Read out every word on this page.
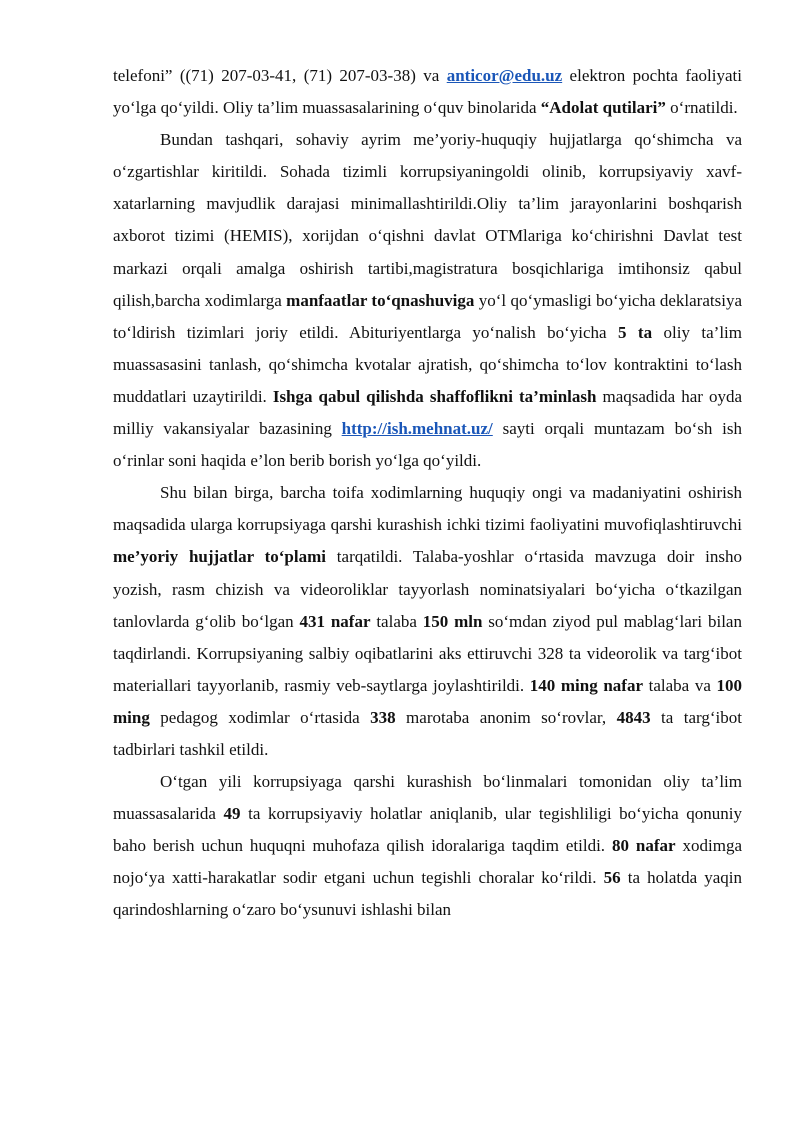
telefoni” ((71) 207-03-41, (71) 207-03-38) va anticor@edu.uz elektron pochta faoliyati yo‘lga qo‘yildi. Oliy ta’lim muassasalarining o‘quv binolarida “Adolat qutilari” o‘rnatildi.

Bundan tashqari, sohaviy ayrim me’yoriy-huquqiy hujjatlarga qo‘shimcha va o‘zgartishlar kiritildi. Sohada tizimli korrupsiyaningoldi olinib, korrupsiyaviy xavf-xatarlarning mavjudlik darajasi minimallashtirildi.Oliy ta’lim jarayonlarini boshqarish axborot tizimi (HEMIS), xorijdan o‘qishni davlat OTMlariga ko‘chirishni Davlat test markazi orqali amalga oshirish tartibi,magistratura bosqichlariga imtihonsiz qabul qilish,barcha xodimlarga manfaatlar to‘qnashuviga yo‘l qo‘ymasligi bo‘yicha deklaratsiya to‘ldirish tizimlari joriy etildi. Abituriyentlarga yo‘nalish bo‘yicha 5 ta oliy ta’lim muassasasini tanlash, qo‘shimcha kvotalar ajratish, qo‘shimcha to‘lov kontraktini to‘lash muddatlari uzaytirildi. Ishga qabul qilishda shaffoflikni ta’minlash maqsadida har oyda milliy vakansiyalar bazasining http://ish.mehnat.uz/ sayti orqali muntazam bo‘sh ish o‘rinlar soni haqida e’lon berib borish yo‘lga qo‘yildi.

Shu bilan birga, barcha toifa xodimlarning huquqiy ongi va madaniyatini oshirish maqsadida ularga korrupsiyaga qarshi kurashish ichki tizimi faoliyatini muvofiqlashtiruvchi me’yoriy hujjatlar to‘plami tarqatildi. Talaba-yoshlar o‘rtasida mavzuga doir insho yozish, rasm chizish va videoroliklar tayyorlash nominatsiyalari bo‘yicha o‘tkazilgan tanlovlarda g‘olib bo‘lgan 431 nafar talaba 150 mln so‘mdan ziyod pul mablag‘lari bilan taqdirlandi. Korrupsiyaning salbiy oqibatlarini aks ettiruvchi 328 ta videorolik va targ‘ibot materiallari tayyorlanib, rasmiy veb-saytlarga joylashtirildi. 140 ming nafar talaba va 100 ming pedagog xodimlar o‘rtasida 338 marotaba anonim so‘rovlar, 4843 ta targ‘ibot tadbirlari tashkil etildi.

O‘tgan yili korrupsiyaga qarshi kurashish bo‘linmalari tomonidan oliy ta’lim muassasalarida 49 ta korrupsiyaviy holatlar aniqlanib, ular tegishliligi bo‘yicha qonuniy baho berish uchun huquqni muhofaza qilish idoralariga taqdim etildi. 80 nafar xodimga nojo‘ya xatti-harakatlar sodir etgani uchun tegishli choralar ko‘rildi. 56 ta holatda yaqin qarindoshlarning o‘zaro bo‘ysunuvi ishlashi bilan
